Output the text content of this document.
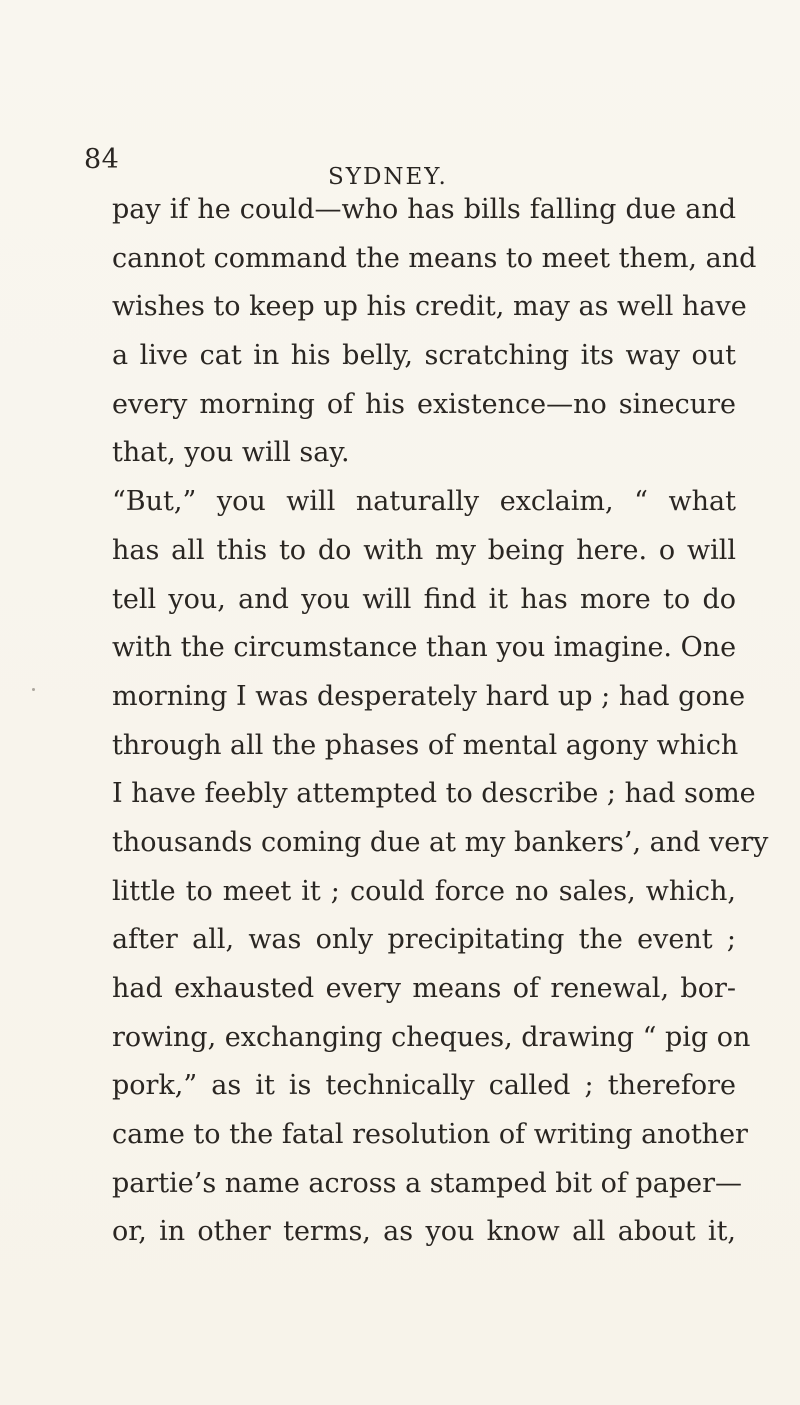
84
SYDNEY.
pay if he could—who has bills falling due and
cannot command the means to meet them, and
wishes to keep up his credit, may as well have
a live cat in his belly, scratching its way out
every morning of his existence—no sinecure
that, you will say.
“But,” you will naturally exclaim, “ what
has all this to do with my being here. o will
tell you, and you will find it has more to do
with the circumstance than you imagine. One
morning I was desperately hard up ; had gone
through all the phases of mental agony which
I have feebly attempted to describe ; had some
thousands coming due at my bankers’, and very
little to meet it ; could force no sales, which,
after all, was only precipitating the event ;
had exhausted every means of renewal, bor-
rowing, exchanging cheques, drawing “ pig on
pork,” as it is technically called ; therefore
came to the fatal resolution of writing another
partie’s name across a stamped bit of paper—
or, in other terms, as you know all about it,
